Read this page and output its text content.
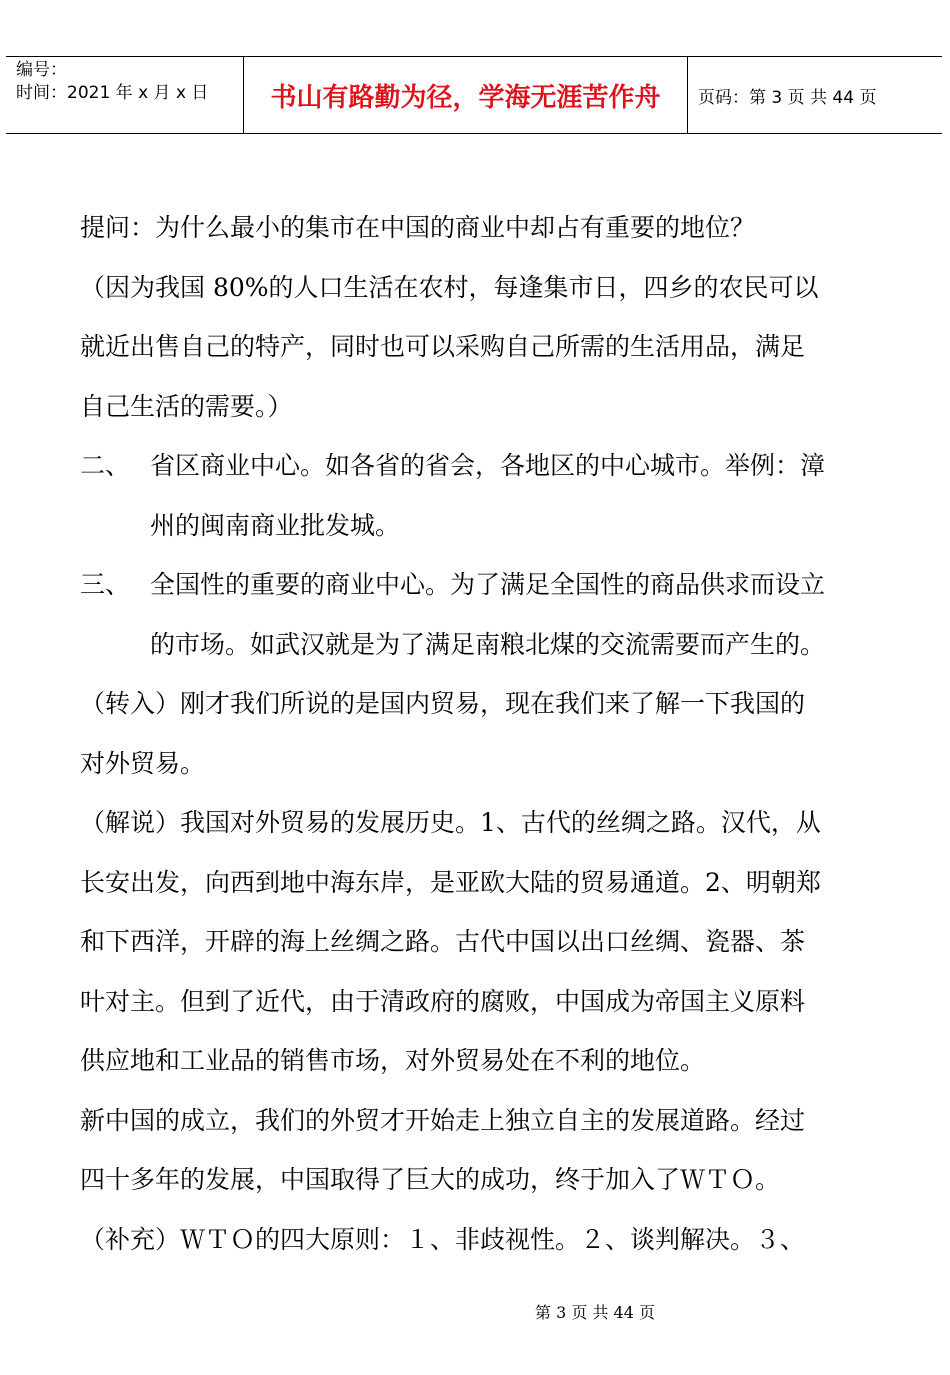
编号：
时间：2021 年 x 月 x 日	书山有路勤为径，学海无涯苦作舟	页码：第 3 页 共 44 页

提问：为什么最小的集市在中国的商业中却占有重要的地位？

（因为我国 80%的人口生活在农村，每逢集市日，四乡的农民可以

就近出售自己的特产，同时也可以采购自己所需的生活用品，满足

自己生活的需要。）

二、 省区商业中心。如各省的省会，各地区的中心城市。举例：漳

州的闽南商业批发城。

三、 全国性的重要的商业中心。为了满足全国性的商品供求而设立

的市场。如武汉就是为了满足南粮北煤的交流需要而产生的。

（转入）刚才我们所说的是国内贸易，现在我们来了解一下我国的

对外贸易。

（解说）我国对外贸易的发展历史。1、古代的丝绸之路。汉代，从

长安出发，向西到地中海东岸，是亚欧大陆的贸易通道。2、明朝郑

和下西洋，开辟的海上丝绸之路。古代中国以出口丝绸、瓷器、茶

叶对主。但到了近代，由于清政府的腐败，中国成为帝国主义原料

供应地和工业品的销售市场，对外贸易处在不利的地位。

新中国的成立，我们的外贸才开始走上独立自主的发展道路。经过

四十多年的发展，中国取得了巨大的成功，终于加入了ＷＴＯ。

（补充）ＷＴＯ的四大原则：１、非歧视性。２、谈判解决。３、

第 3 页 共 44 页
